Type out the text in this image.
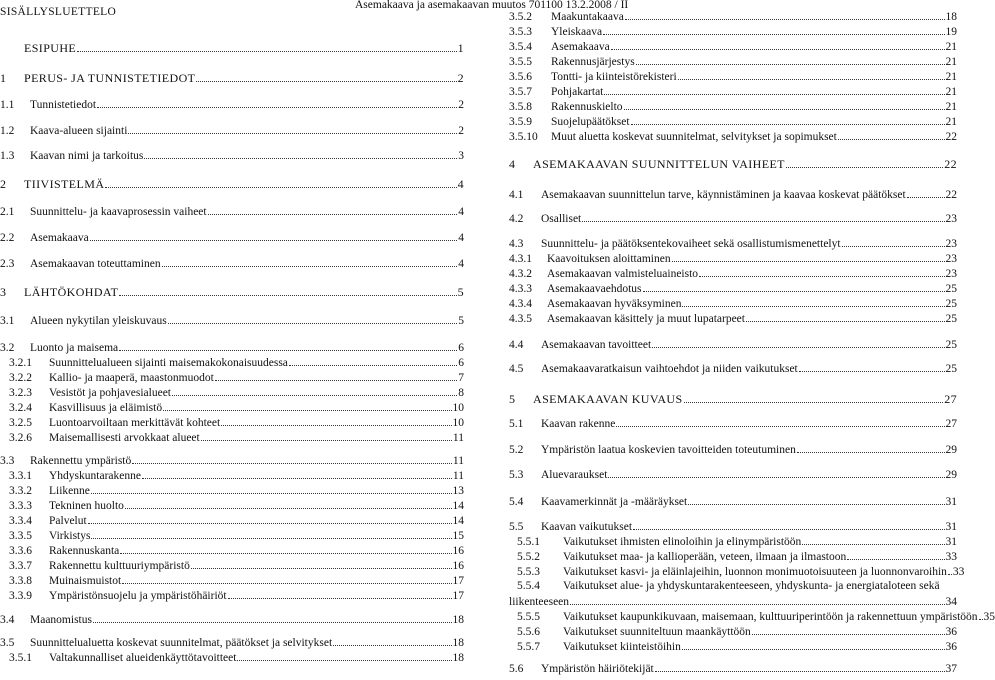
Asemakaava ja asemakaavan muutos 701100 13.2.2008 / II
SISÄLLYSLUETTELO
ESIPUHE	1
1	PERUS- JA TUNNISTETIEDOT	2
1.1	Tunnistetiedot	2
1.2	Kaava-alueen sijainti	2
1.3	Kaavan nimi ja tarkoitus	3
2	TIIVISTELMÄ	4
2.1	Suunnittelu- ja kaavaprosessin vaiheet	4
2.2	Asemakaava	4
2.3	Asemakaavan toteuttaminen	4
3	LÄHTÖKOHDAT	5
3.1	Alueen nykytilan yleiskuvaus	5
3.2	Luonto ja maisema	6
3.2.1	Suunnittelualueen sijainti maisemakokonaisuudessa	6
3.2.2	Kallio- ja maaperä, maastonmuodot	7
3.2.3	Vesistöt ja pohjavesialueet	8
3.2.4	Kasvillisuus ja eläimistö	10
3.2.5	Luontoarvoiltaan merkittävät kohteet	10
3.2.6	Maisemallisesti arvokkaat alueet	11
3.3	Rakennettu ympäristö	11
3.3.1	Yhdyskuntarakenne	11
3.3.2	Liikenne	13
3.3.3	Tekninen huolto	14
3.3.4	Palvelut	14
3.3.5	Virkistys	15
3.3.6	Rakennuskanta	16
3.3.7	Rakennettu kulttuuriympäristö	16
3.3.8	Muinaismuistot	17
3.3.9	Ympäristönsuojelu ja ympäristöhäiriöt	17
3.4	Maanomistus	18
3.5	Suunnittelualuetta koskevat suunnitelmat, päätökset ja selvitykset	18
3.5.1	Valtakunnalliset alueidenkäyttötavoitteet	18
3.5.2	Maakuntakaava	18
3.5.3	Yleiskaava	19
3.5.4	Asemakaava	21
3.5.5	Rakennusjärjestys	21
3.5.6	Tontti- ja kiinteistörekisteri	21
3.5.7	Pohjakartat	21
3.5.8	Rakennuskielto	21
3.5.9	Suojelupäätökset	21
3.5.10	Muut aluetta koskevat suunnitelmat, selvitykset ja sopimukset	22
4	ASEMAKAAVAN SUUNNITTELUN VAIHEET	22
4.1	Asemakaavan suunnittelun tarve, käynnistäminen ja kaavaa koskevat päätökset	22
4.2	Osalliset	23
4.3	Suunnittelu- ja päätöksentekovaiheet sekä osallistumismenettelyt	23
4.3.1	Kaavoituksen aloittaminen	23
4.3.2	Asemakaavan valmisteluaineisto	23
4.3.3	Asemakaavaehdotus	25
4.3.4	Asemakaavan hyväksyminen	25
4.3.5	Asemakaavan käsittely ja muut lupatarpeet	25
4.4	Asemakaavan tavoitteet	25
4.5	Asemakaavaratkaisun vaihtoehdot ja niiden vaikutukset	25
5	ASEMAKAAVAN KUVAUS	27
5.1	Kaavan rakenne	27
5.2	Ympäristön laatua koskevien tavoitteiden toteutuminen	29
5.3	Aluevaraukset	29
5.4	Kaavamerkinnät ja -määräykset	31
5.5	Kaavan vaikutukset	31
5.5.1	Vaikutukset ihmisten elinoloihin ja elinympäristöön	31
5.5.2	Vaikutukset maa- ja kallioperään, veteen, ilmaan ja ilmastoon	33
5.5.3	Vaikutukset kasvi- ja eläinlajeihin, luonnon monimuotoisuuteen ja luonnonvaroihin 33
5.5.4	Vaikutukset alue- ja yhdyskuntarakenteeseen, yhdyskunta- ja energiataloteen sekä
liikenteeseen	34
5.5.5	Vaikutukset kaupunkikuvaan, maisemaan, kulttuuriperintöön ja rakennettuun ympäristöön 35
5.5.6	Vaikutukset suunniteltuun maankäyttöön	36
5.5.7	Vaikutukset kiinteistöihin	36
5.6	Ympäristön häiriötekijät	37
